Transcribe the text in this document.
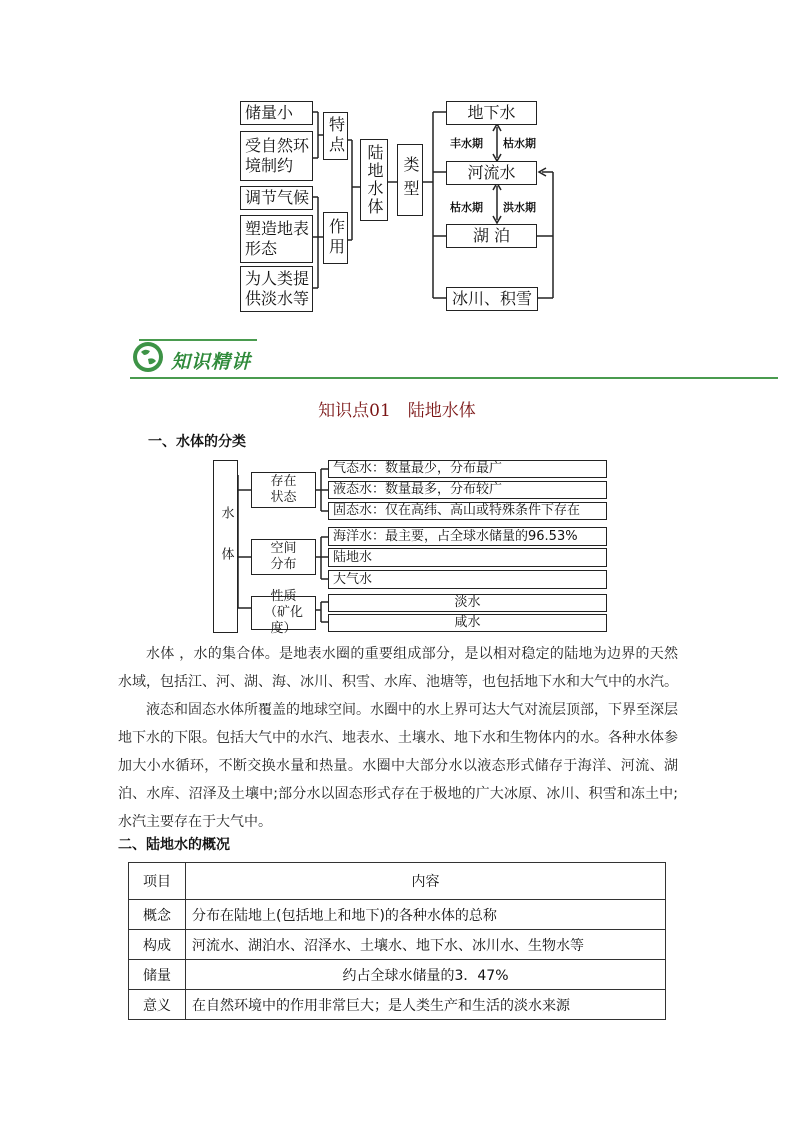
特点
储量小
受自然环境制约
作用
调节气候
塑造地表形态
为人类提供淡水等
陆地水体 类型
地下水
河流水
湖 泊
冰川、积雪
丰水期 枯水期
枯水期 洪水期
知识精讲
知识点01　陆地水体
一、水体的分类
水体
存在状态
空间分布
性质（矿化度）
气态水：数量最少，分布最广
液态水：数量最多，分布较广
固态水：仅在高纬、高山或特殊条件下存在
海洋水：最主要，占全球水储量的96.53%
陆地水
大气水
淡水
咸水
水体 ，水的集合体。是地表水圈的重要组成部分，是以相对稳定的陆地为边界的天然水域，包括江、河、湖、海、冰川、积雪、水库、池塘等，也包括地下水和大气中的水汽。
液态和固态水体所覆盖的地球空间。水圈中的水上界可达大气对流层顶部，下界至深层地下水的下限。包括大气中的水汽、地表水、土壤水、地下水和生物体内的水。各种水体参加大小水循环，不断交换水量和热量。水圈中大部分水以液态形式储存于海洋、河流、湖泊、水库、沼泽及土壤中;部分水以固态形式存在于极地的广大冰原、冰川、积雪和冻土中;水汽主要存在于大气中。
二、陆地水的概况
项目	内容
概念	分布在陆地上(包括地上和地下)的各种水体的总称
构成	河流水、湖泊水、沼泽水、土壤水、地下水、冰川水、生物水等
储量	约占全球水储量的3．47%
意义	在自然环境中的作用非常巨大；是人类生产和生活的淡水来源
